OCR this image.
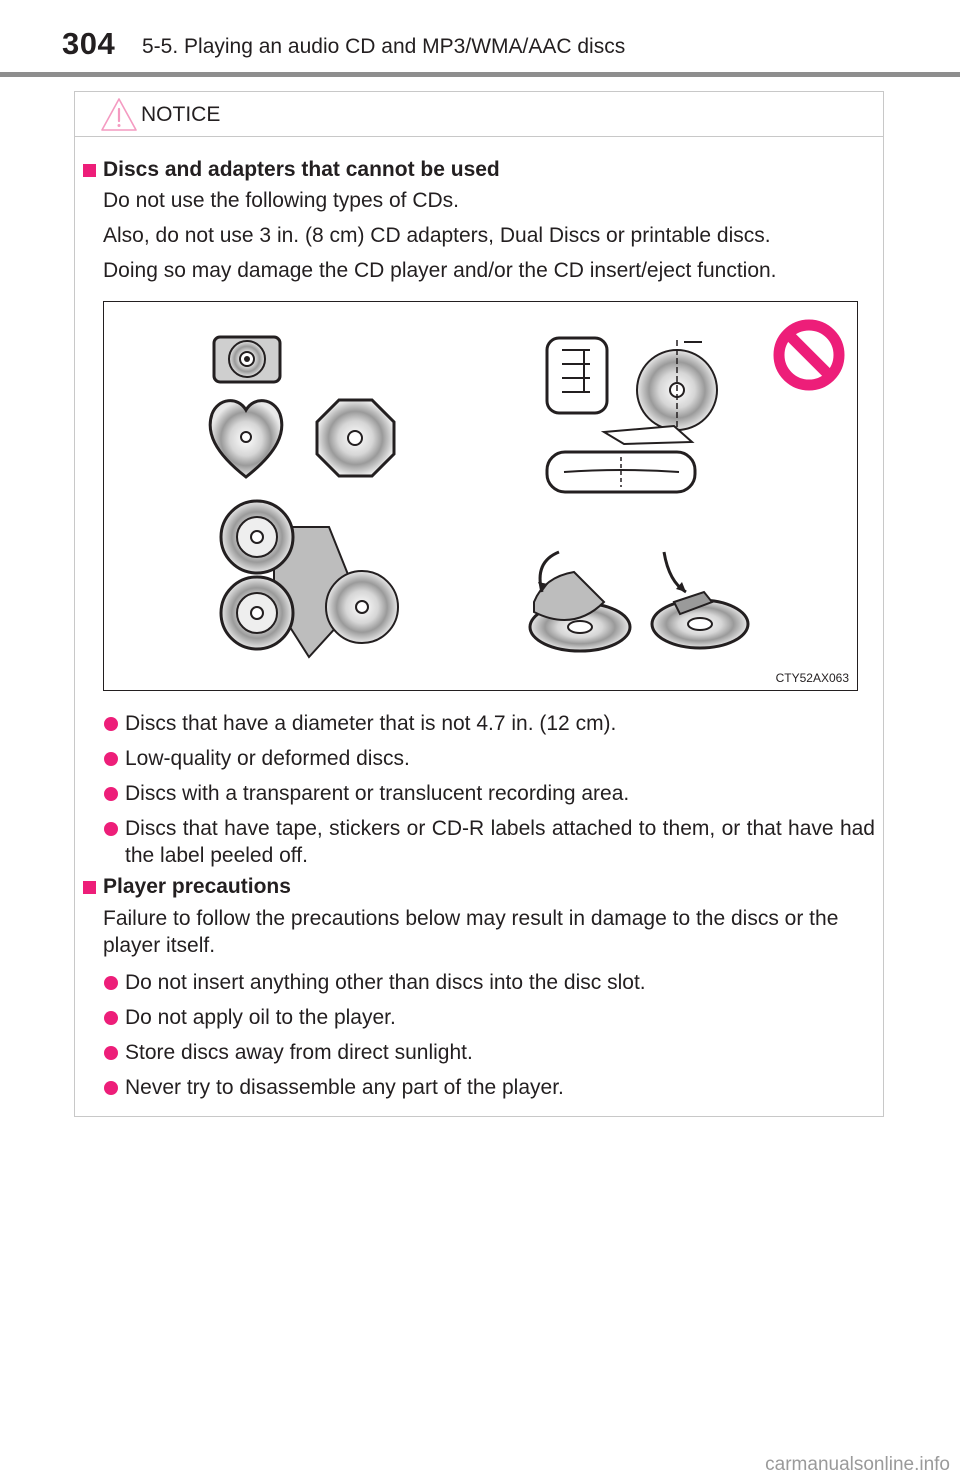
304 5-5. Playing an audio CD and MP3/WMA/AAC discs
NOTICE
Discs and adapters that cannot be used
Do not use the following types of CDs.
Also, do not use 3 in. (8 cm) CD adapters, Dual Discs or printable discs.
Doing so may damage the CD player and/or the CD insert/eject function.
Discs that have a diameter that is not 4.7 in. (12 cm).
Low-quality or deformed discs.
Discs with a transparent or translucent recording area.
Discs that have tape, stickers or CD-R labels attached to them, or that have had the label peeled off.
Player precautions
Failure to follow the precautions below may result in damage to the discs or the player itself.
Do not insert anything other than discs into the disc slot.
Do not apply oil to the player.
Store discs away from direct sunlight.
Never try to disassemble any part of the player.
CTY52AX063
carmanualsonline.info
